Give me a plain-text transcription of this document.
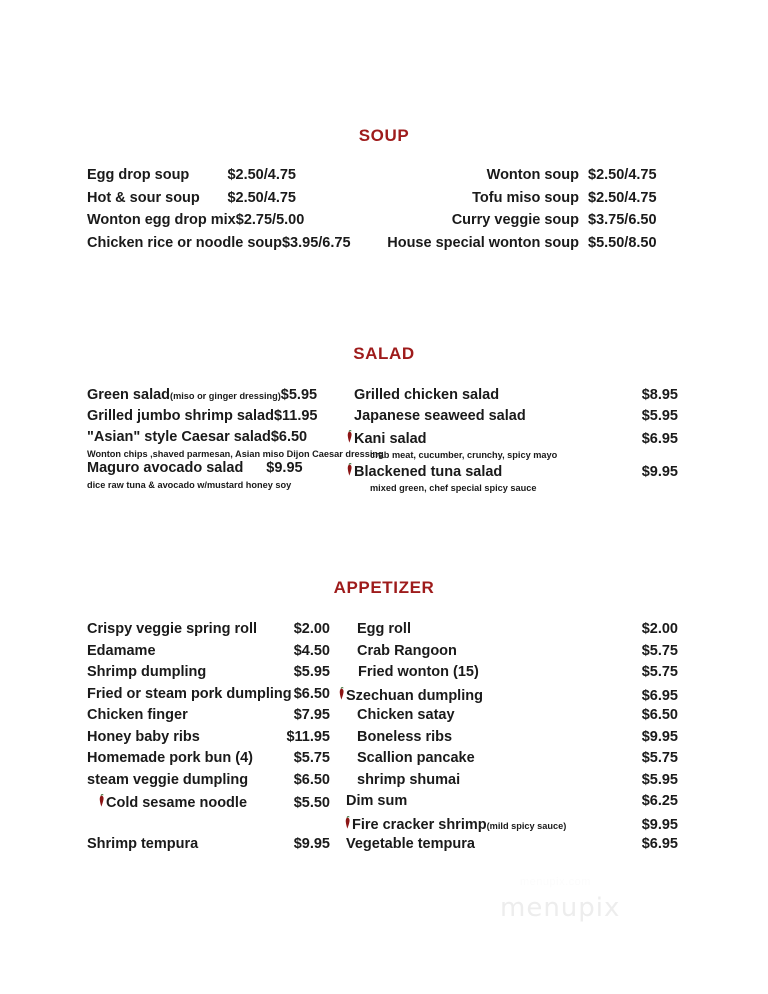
SOUP
Egg drop soup	$2.50/4.75
Hot & sour soup	$2.50/4.75
Wonton egg drop mix $2.75/5.00
Chicken rice or noodle soup $3.95/6.75
Wonton soup $2.50/4.75
Tofu miso soup $2.50/4.75
Curry veggie soup $3.75/6.50
House special wonton soup $5.50/8.50
SALAD
Green salad(miso or ginger dressing) $5.95
Grilled jumbo shrimp salad $11.95
"Asian" style Caesar salad $6.50
Wonton chips ,shaved parmesan, Asian miso Dijon Caesar dressing
Maguro avocado salad	$9.95
dice raw tuna & avocado w/mustard honey soy
Grilled chicken salad	$8.95
Japanese seaweed salad	$5.95
Kani salad	$6.95
crab meat, cucumber, crunchy, spicy mayo
Blackened tuna salad	$9.95
mixed green, chef special spicy sauce
APPETIZER
Crispy veggie spring roll	$2.00
Edamame	$4.50
Shrimp dumpling	$5.95
Fried or steam pork dumpling $6.50
Chicken finger	$7.95
Honey baby ribs	$11.95
Homemade pork bun (4)	$5.75
steam veggie dumpling	$6.50
Cold sesame noodle	$5.50
Shrimp tempura	$9.95
Egg roll	$2.00
Crab Rangoon	$5.75
Fried wonton (15)	$5.75
Szechuan dumpling	$6.95
Chicken satay	$6.50
Boneless ribs	$9.95
Scallion pancake	$5.75
shrimp shumai	$5.95
Dim sum	$6.25
Fire cracker shrimp(mild spicy sauce)	$9.95
Vegetable tempura	$6.95
menupix.com
menupix
